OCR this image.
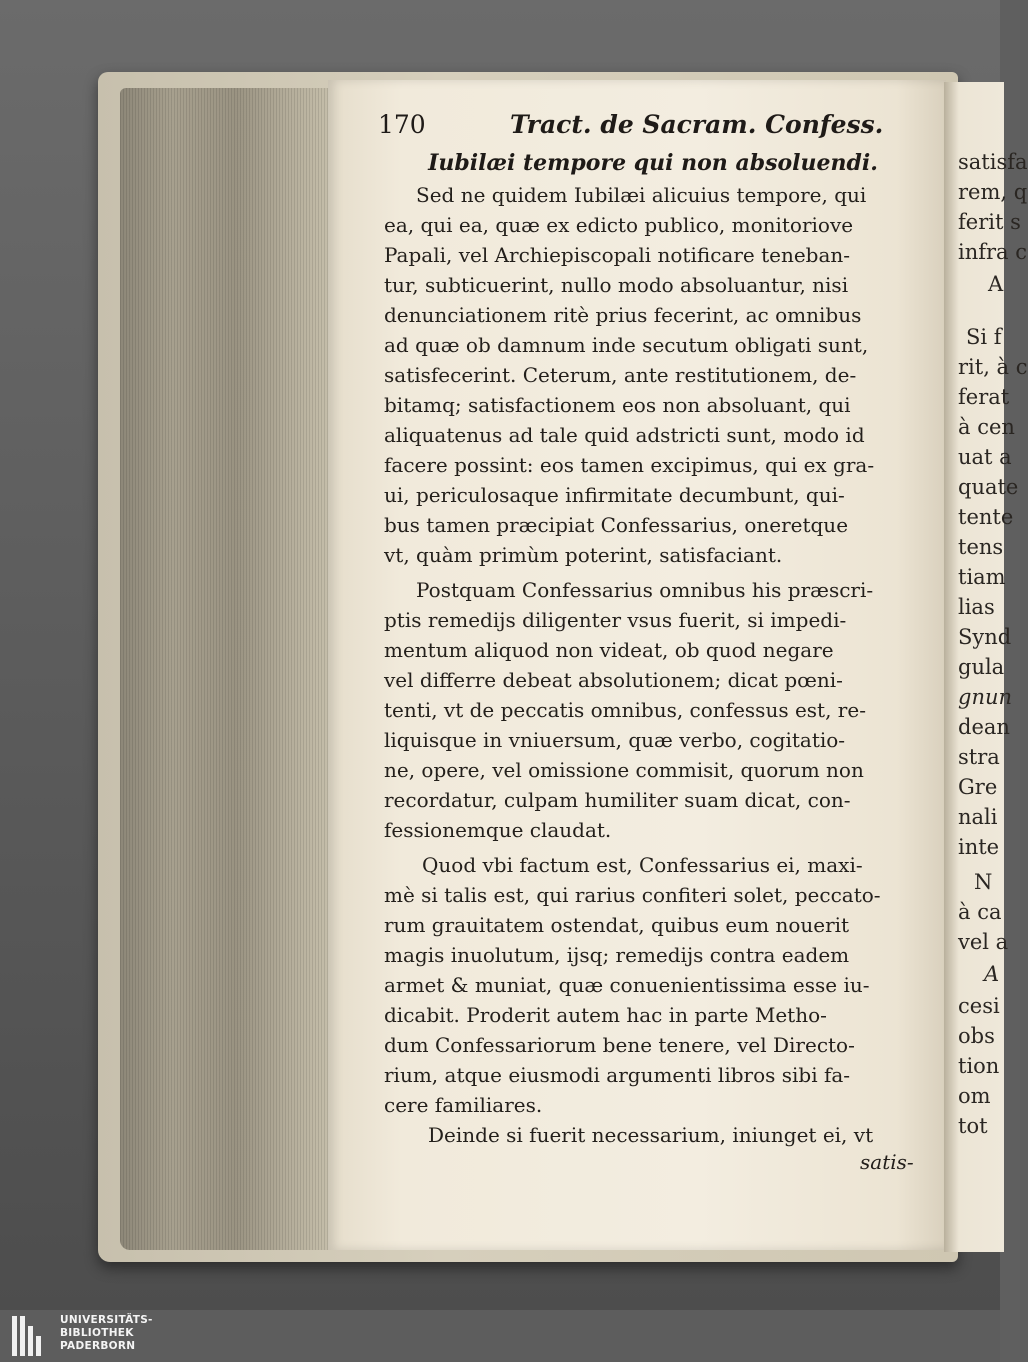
170	Tract. de Sacram. Confess.
Iubilæi tempore qui non absoluendi.
Sed ne quidem Iubilæi alicuius tempore, qui
ea, qui ea, quæ ex edicto publico, monitoriove
Papali, vel Archiepiscopali notificare teneban-
tur, subticuerint, nullo modo absoluantur, nisi
denunciationem ritè prius fecerint, ac omnibus
ad quæ ob damnum inde secutum obligati sunt,
satisfecerint. Ceterum, ante restitutionem, de-
bitamq; satisfactionem eos non absoluant, qui
aliquatenus ad tale quid adstricti sunt, modo id
facere possint: eos tamen excipimus, qui ex gra-
ui, periculosaque infirmitate decumbunt, qui-
bus tamen præcipiat Confessarius, oneretque
vt, quàm primùm poterint, satisfaciant.
Postquam Confessarius omnibus his præscri-
ptis remedijs diligenter vsus fuerit, si impedi-
mentum aliquod non videat, ob quod negare
vel differre debeat absolutionem; dicat pœni-
tenti, vt de peccatis omnibus, confessus est, re-
liquisque in vniuersum, quæ verbo, cogitatio-
ne, opere, vel omissione commisit, quorum non
recordatur, culpam humiliter suam dicat, con-
fessionemque claudat.
Quod vbi factum est, Confessarius ei, maxi-
mè si talis est, qui rarius confiteri solet, peccato-
rum grauitatem ostendat, quibus eum nouerit
magis inuolutum, ijsq; remedijs contra eadem
armet & muniat, quæ conuenientissima esse iu-
dicabit. Proderit autem hac in parte Metho-
dum Confessariorum bene tenere, vel Directo-
rium, atque eiusmodi argumenti libros sibi fa-
cere familiares.
Deinde si fuerit necessarium, iniunget ei, vt
satis-
satisfa
rem, q
ferit s
infra c
A
Si f
rit, à c
ferat
à cen
uat a
quate
tente
tens
tiam
lias
Synd
gula
gnun
dean
stra
Gre
nali
inte
N
à ca
vel a
A
cesi
obs
tion
om
tot
UNIVERSITÄTS-
BIBLIOTHEK
PADERBORN
